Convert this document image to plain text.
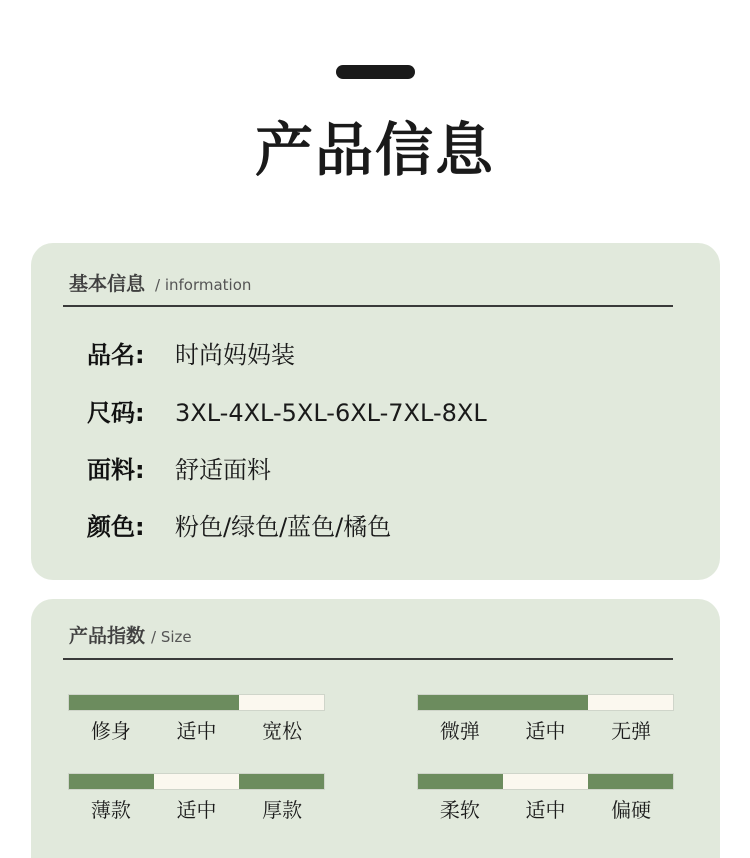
产品信息
基本信息 / information
品名: 时尚妈妈装
尺码: 3XL-4XL-5XL-6XL-7XL-8XL
面料: 舒适面料
颜色: 粉色/绿色/蓝色/橘色
产品指数 / Size
修身	适中	宽松	微弹	适中	无弹
薄款	适中	厚款	柔软	适中	偏硬
